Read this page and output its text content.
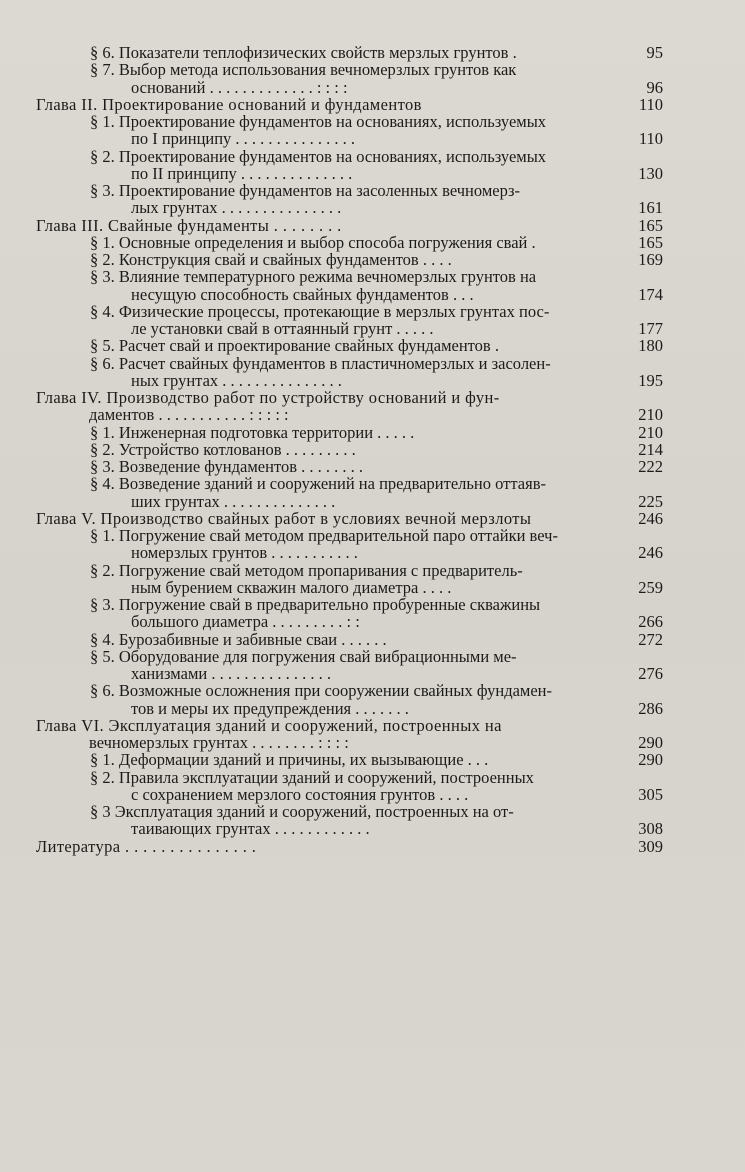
§ 6. Показатели теплофизических свойств мерзлых грунтов .	95
§ 7. Выбор метода использования вечномерзлых грунтов как
оснований . . . . . . . . . . . . . : : : :	96
Глава II. Проектирование оснований и фундаментов	110
§ 1. Проектирование фундаментов на основаниях, используемых
по I принципу . . . . . . . . . . . . . . .	110
§ 2. Проектирование фундаментов на основаниях, используемых
по II принципу . . . . . . . . . . . . . .	130
§ 3. Проектирование фундаментов на засоленных вечномерз-
лых грунтах . . . . . . . . . . . . . . .	161
Глава III. Свайные фундаменты . . . . . . . .	165
§ 1. Основные определения и выбор способа погружения свай .	165
§ 2. Конструкция свай и свайных фундаментов . . . .	169
§ 3. Влияние температурного режима вечномерзлых грунтов на
несущую способность свайных фундаментов . . .	174
§ 4. Физические процессы, протекающие в мерзлых грунтах пос-
ле установки свай в оттаянный грунт . . . . .	177
§ 5. Расчет свай и проектирование свайных фундаментов .	180
§ 6. Расчет свайных фундаментов в пластичномерзлых и засолен-
ных грунтах . . . . . . . . . . . . . . .	195
Глава IV. Производство работ по устройству оснований и фун-
даментов . . . . . . . . . . . : : : : :	210
§ 1. Инженерная подготовка территории . . . . .	210
§ 2. Устройство котлованов . . . . . . . . .	214
§ 3. Возведение фундаментов . . . . . . . .	222
§ 4. Возведение зданий и сооружений на предварительно оттаяв-
ших грунтах . . . . . . . . . . . . . .	225
Глава V. Производство свайных работ в условиях вечной мерзлоты	246
§ 1. Погружение свай методом предварительной паро оттайки веч-
номерзлых грунтов . . . . . . . . . . .	246
§ 2. Погружение свай методом пропаривания с предваритель-
ным бурением скважин малого диаметра . . . .	259
§ 3. Погружение свай в предварительно пробуренные скважины
большого диаметра . . . . . . . . . : :	266
§ 4. Бурозабивные и забивные сваи . . . . . .	272
§ 5. Оборудование для погружения свай вибрационными ме-
ханизмами . . . . . . . . . . . . . . .	276
§ 6. Возможные осложнения при сооружении свайных фундамен-
тов и меры их предупреждения . . . . . . .	286
Глава VI. Эксплуатация зданий и сооружений, построенных на
вечномерзлых грунтах . . . . . . . . : : : :	290
§ 1. Деформации зданий и причины, их вызывающие . . .	290
§ 2. Правила эксплуатации зданий и сооружений, построенных
с сохранением мерзлого состояния грунтов . . . .	305
§ 3 Эксплуатация зданий и сооружений, построенных на от-
таивающих грунтах . . . . . . . . . . . .	308
Литература . . . . . . . . . . . . . . .	309
